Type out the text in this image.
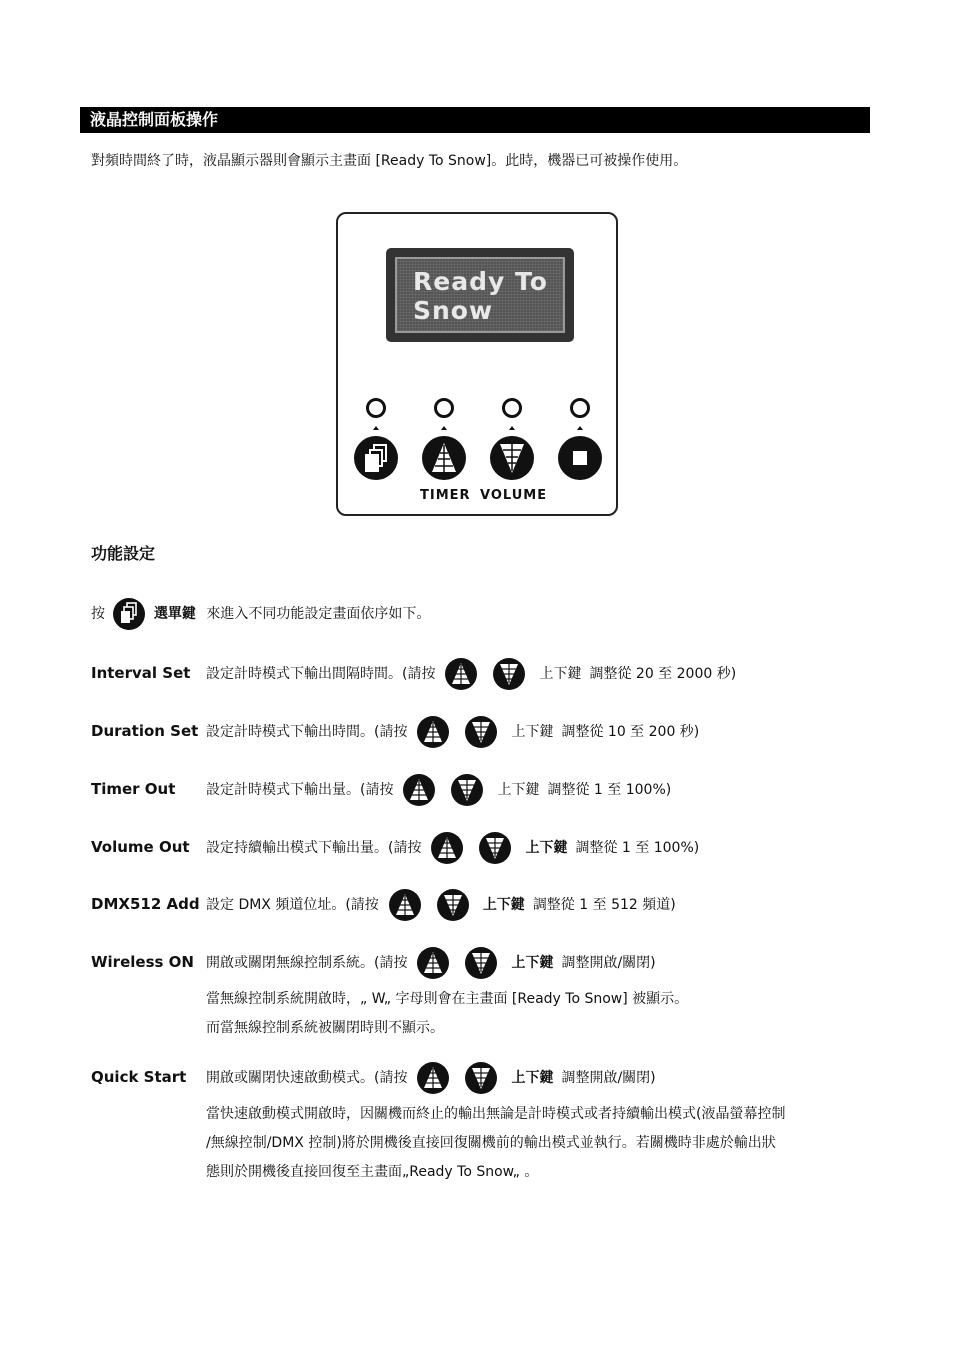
液晶控制面板操作
對頻時間終了時，液晶顯示器則會顯示主畫面 [Ready To Snow]。此時，機器已可被操作使用。
Ready To
Snow
TIMER VOLUME
功能設定
按	選單鍵 來進入不同功能設定畫面依序如下。
Interval Set 設定計時模式下輸出間隔時間。(請按	上下鍵 調整從 20 至 2000 秒)
Duration Set 設定計時模式下輸出時間。(請按	上下鍵 調整從 10 至 200 秒)
Timer Out 設定計時模式下輸出量。(請按	上下鍵 調整從 1 至 100%)
Volume Out 設定持續輸出模式下輸出量。(請按	上下鍵 調整從 1 至 100%)
DMX512 Add 設定 DMX 頻道位址。(請按	上下鍵 調整從 1 至 512 頻道)
Wireless ON 開啟或關閉無線控制系統。(請按	上下鍵 調整開啟/關閉)
Quick Start 開啟或關閉快速啟動模式。(請按	上下鍵 調整開啟/關閉)
當無線控制系統開啟時，„ W„ 字母則會在主畫面 [Ready To Snow] 被顯示。
而當無線控制系統被關閉時則不顯示。
當快速啟動模式開啟時，因關機而終止的輸出無論是計時模式或者持續輸出模式(液晶螢幕控制
/無線控制/DMX 控制)將於開機後直接回復關機前的輸出模式並執行。若關機時非處於輸出狀
態則於開機後直接回復至主畫面„Ready To Snow„ 。
